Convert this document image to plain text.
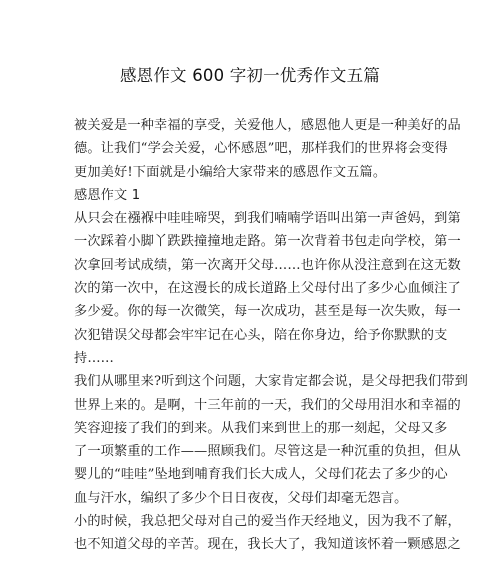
感恩作文 600 字初一优秀作文五篇
被关爱是一种幸福的享受，关爱他人，感恩他人更是一种美好的品
德。让我们“学会关爱，心怀感恩”吧，那样我们的世界将会变得
更加美好!下面就是小编给大家带来的感恩作文五篇。
感恩作文 1
从只会在襁褓中哇哇啼哭，到我们喃喃学语叫出第一声爸妈，到第
一次踩着小脚丫跌跌撞撞地走路。第一次背着书包走向学校，第一
次拿回考试成绩，第一次离开父母……也许你从没注意到在这无数
次的第一次中，在这漫长的成长道路上父母付出了多少心血倾注了
多少爱。你的每一次微笑，每一次成功，甚至是每一次失败，每一
次犯错误父母都会牢牢记在心头，陪在你身边，给予你默默的支
持……
我们从哪里来?听到这个问题，大家肯定都会说，是父母把我们带到
世界上来的。是啊，十三年前的一天，我们的父母用泪水和幸福的
笑容迎接了我们的到来。从我们来到世上的那一刻起，父母又多
了一项繁重的工作——照顾我们。尽管这是一种沉重的负担，但从
婴儿的“哇哇”坠地到哺育我们长大成人，父母们花去了多少的心
血与汗水，编织了多少个日日夜夜，父母们却毫无怨言。
小的时候，我总把父母对自己的爱当作天经地义，因为我不了解，
也不知道父母的辛苦。现在，我长大了，我知道该怀着一颗感恩之
